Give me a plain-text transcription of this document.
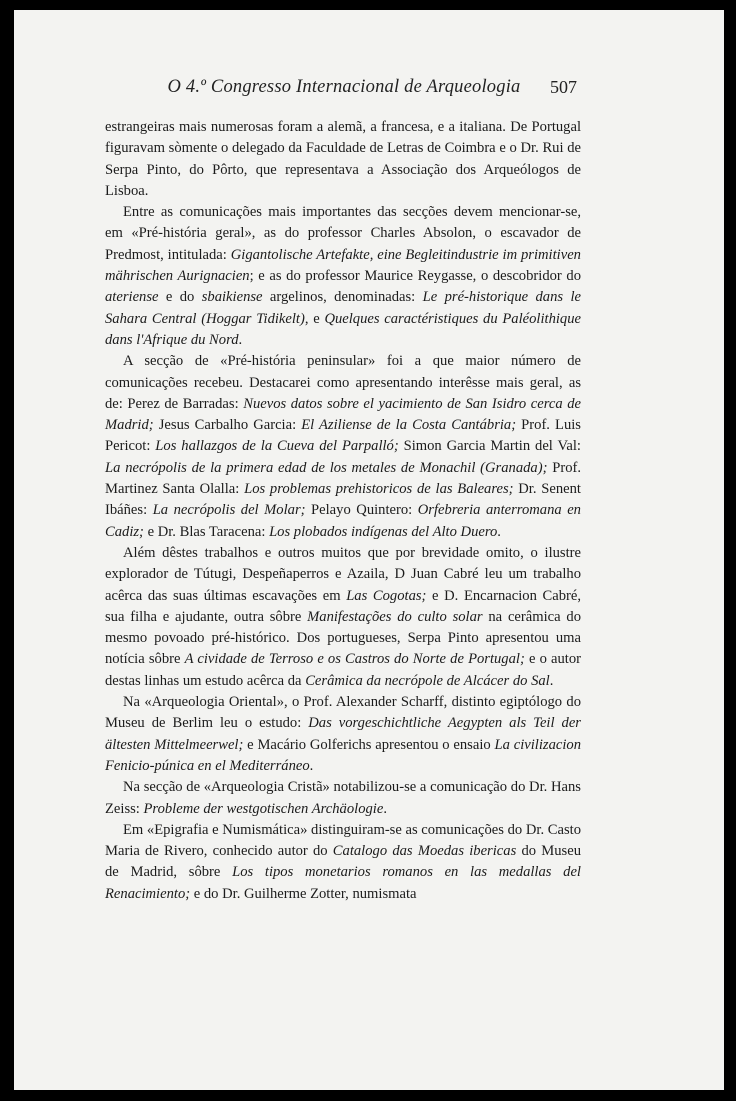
O 4.º Congresso Internacional de Arqueologia	507

estrangeiras mais numerosas foram a alemã, a francesa, e a italiana. De Portugal figuravam sòmente o delegado da Faculdade de Letras de Coimbra e o Dr. Rui de Serpa Pinto, do Pôrto, que representava a Associação dos Arqueólogos de Lisboa.

Entre as comunicações mais importantes das secções devem mencionar-se, em «Pré-história geral», as do professor Charles Absolon, o escavador de Predmost, intitulada: Gigantolische Artefakte, eine Begleitindustrie im primitiven mährischen Aurignacien; e as do professor Maurice Reygasse, o descobridor do ateriense e do sbaikiense argelinos, denominadas: Le pré-historique dans le Sahara Central (Hoggar Tidikelt), e Quelques caractéristiques du Paléolithique dans l'Afrique du Nord.

A secção de «Pré-história peninsular» foi a que maior número de comunicações recebeu. Destacarei como apresentando interêsse mais geral, as de: Perez de Barradas: Nuevos datos sobre el yacimiento de San Isidro cerca de Madrid; Jesus Carbalho Garcia: El Aziliense de la Costa Cantábria; Prof. Luis Pericot: Los hallazgos de la Cueva del Parpalló; Simon Garcia Martin del Val: La necrópolis de la primera edad de los metales de Monachil (Granada); Prof. Martinez Santa Olalla: Los problemas prehistoricos de las Baleares; Dr. Senent Ibáñes: La necrópolis del Molar; Pelayo Quintero: Orfebreria anterromana en Cadiz; e Dr. Blas Taracena: Los plobados indígenas del Alto Duero.

Além dêstes trabalhos e outros muitos que por brevidade omito, o ilustre explorador de Tútugi, Despeñaperros e Azaila, D Juan Cabré leu um trabalho acêrca das suas últimas escavações em Las Cogotas; e D. Encarnacion Cabré, sua filha e ajudante, outra sôbre Manifestações do culto solar na cerâmica do mesmo povoado pré-histórico. Dos portugueses, Serpa Pinto apresentou uma notícia sôbre A cividade de Terroso e os Castros do Norte de Portugal; e o autor destas linhas um estudo acêrca da Cerâmica da necrópole de Alcácer do Sal.

Na «Arqueologia Oriental», o Prof. Alexander Scharff, distinto egiptólogo do Museu de Berlim leu o estudo: Das vorgeschichtliche Aegypten als Teil der ältesten Mittelmeerwel; e Macário Golferichs apresentou o ensaio La civilizacion Fenicio-púnica en el Mediterráneo.

Na secção de «Arqueologia Cristã» notabilizou-se a comunicação do Dr. Hans Zeiss: Probleme der westgotischen Archäologie.

Em «Epigrafia e Numismática» distinguiram-se as comunicações do Dr. Casto Maria de Rivero, conhecido autor do Catalogo das Moedas ibericas do Museu de Madrid, sôbre Los tipos monetarios romanos en las medallas del Renacimiento; e do Dr. Guilherme Zotter, numismata
